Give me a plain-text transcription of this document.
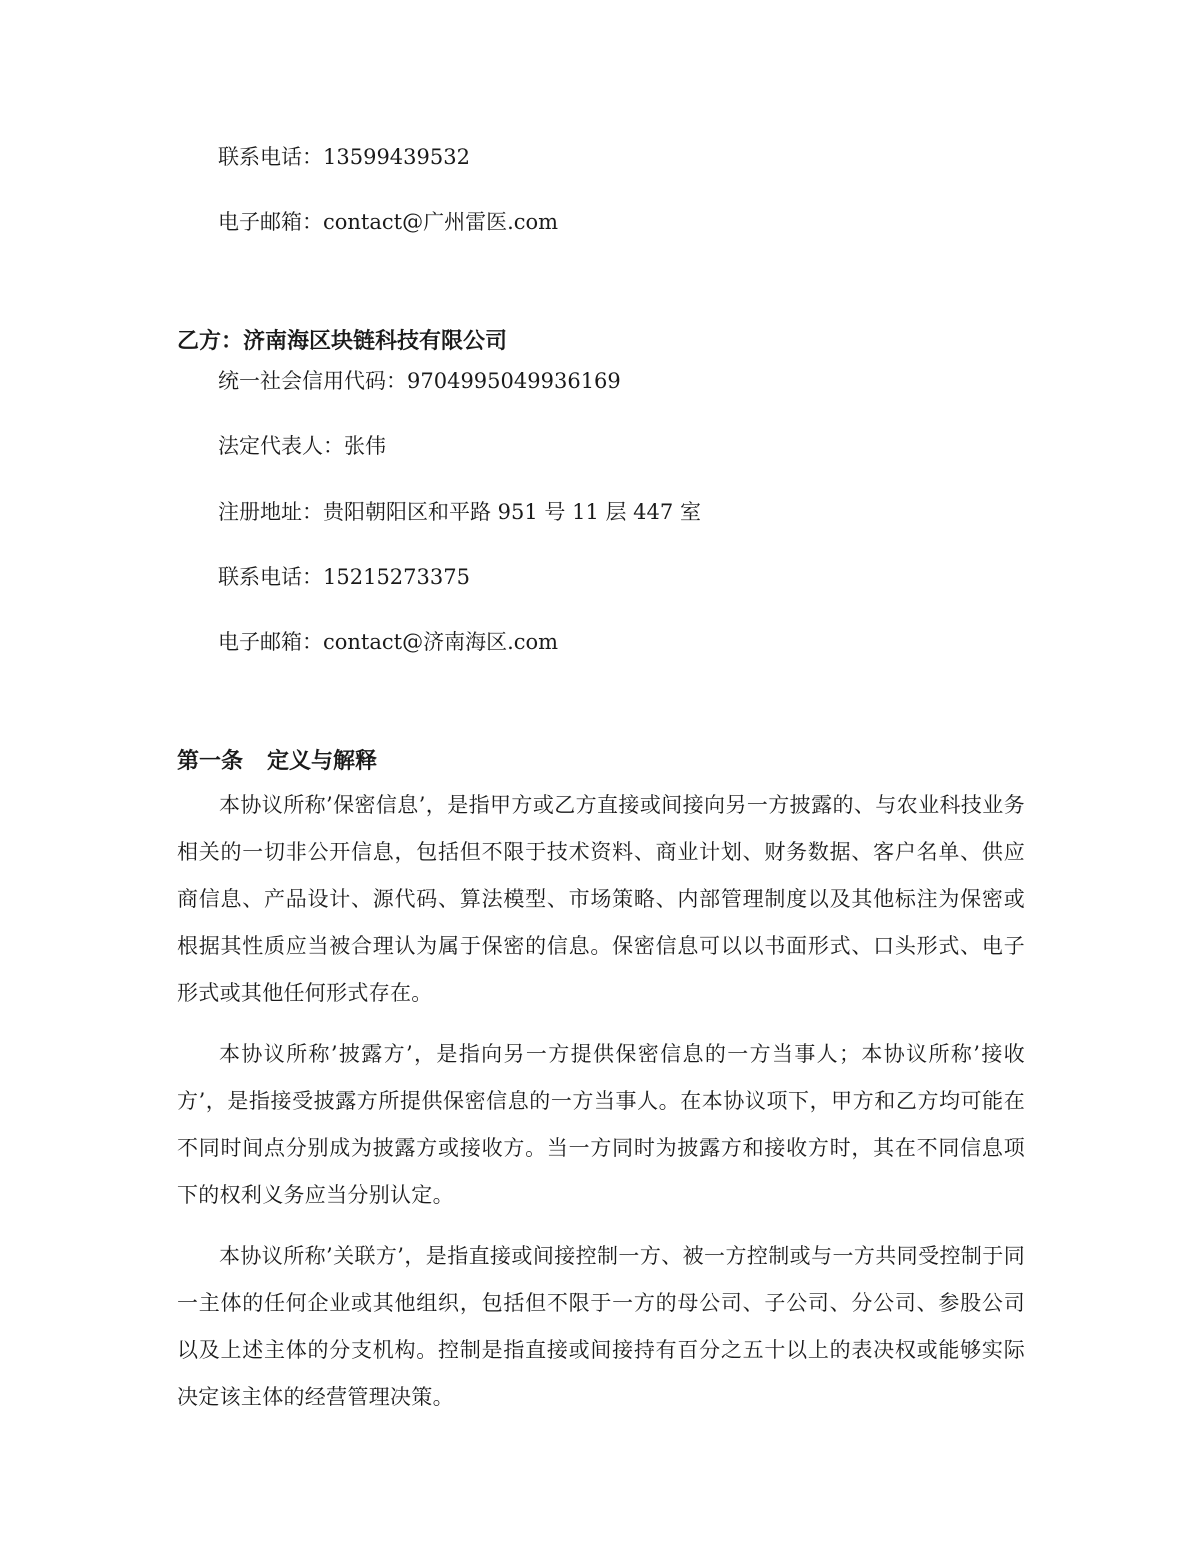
联系电话：13599439532
电子邮箱：contact@广州雷医.com
乙方：济南海区块链科技有限公司
统一社会信用代码：9704995049936169
法定代表人：张伟
注册地址：贵阳朝阳区和平路 951 号 11 层 447 室
联系电话：15215273375
电子邮箱：contact@济南海区.com
第一条 定义与解释
本协议所称’保密信息’，是指甲方或乙方直接或间接向另一方披露的、与农业科技业务相关的一切非公开信息，包括但不限于技术资料、商业计划、财务数据、客户名单、供应商信息、产品设计、源代码、算法模型、市场策略、内部管理制度以及其他标注为保密或根据其性质应当被合理认为属于保密的信息。保密信息可以以书面形式、口头形式、电子形式或其他任何形式存在。
本协议所称’披露方’，是指向另一方提供保密信息的一方当事人；本协议所称’接收方’，是指接受披露方所提供保密信息的一方当事人。在本协议项下，甲方和乙方均可能在不同时间点分别成为披露方或接收方。当一方同时为披露方和接收方时，其在不同信息项下的权利义务应当分别认定。
本协议所称’关联方’，是指直接或间接控制一方、被一方控制或与一方共同受控制于同一主体的任何企业或其他组织，包括但不限于一方的母公司、子公司、分公司、参股公司以及上述主体的分支机构。控制是指直接或间接持有百分之五十以上的表决权或能够实际决定该主体的经营管理决策。
